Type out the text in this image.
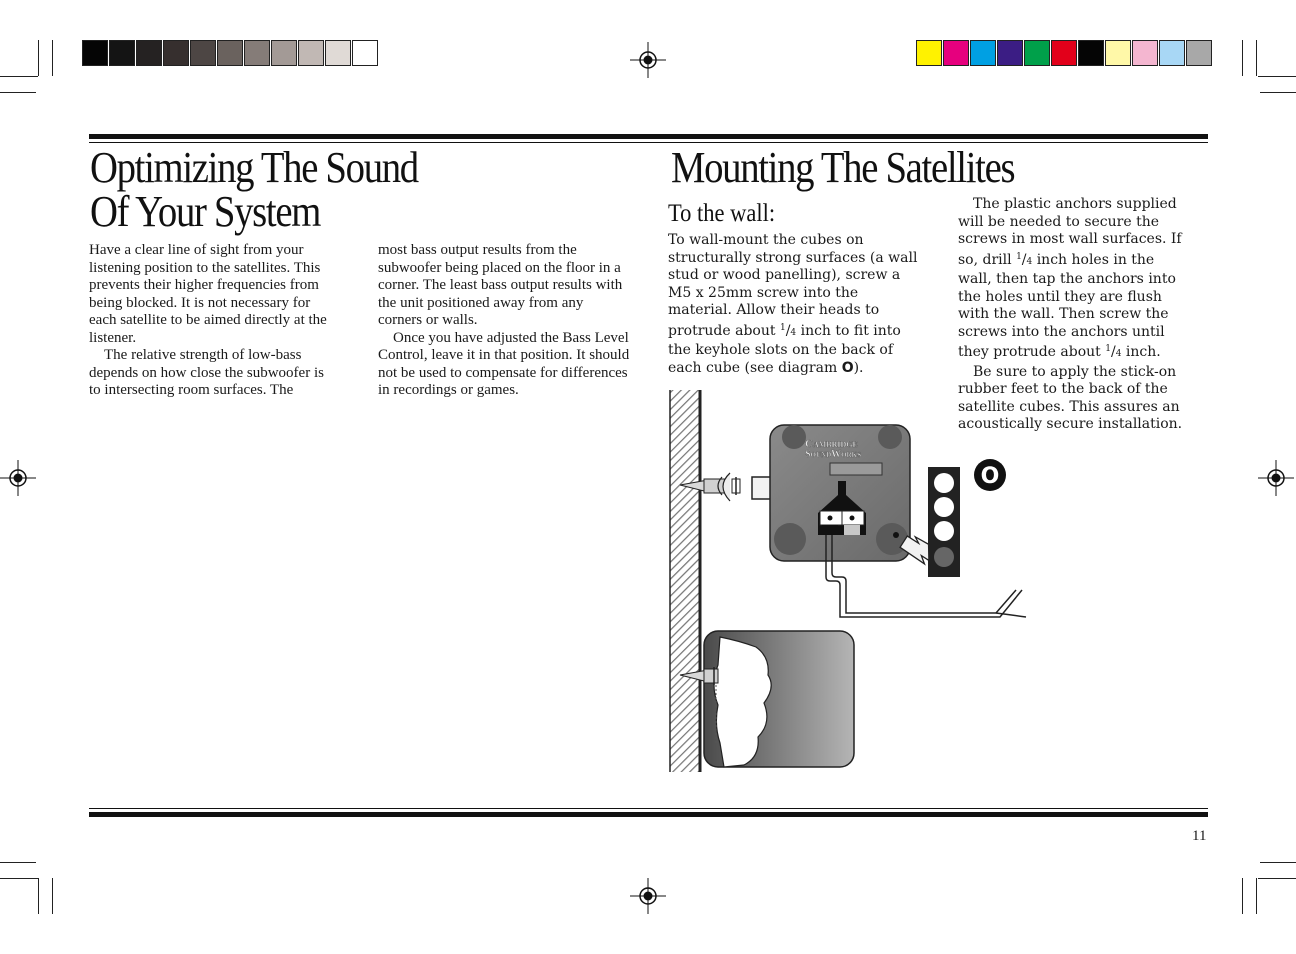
Optimizing The Sound
Of Your System

Have a clear line of sight from your listening position to the satellites. This prevents their higher frequencies from being blocked. It is not necessary for each satellite to be aimed directly at the listener.

The relative strength of low-bass depends on how close the subwoofer is to intersecting room surfaces. The

most bass output results from the subwoofer being placed on the floor in a corner. The least bass output results with the unit positioned away from any corners or walls.

Once you have adjusted the Bass Level Control, leave it in that position. It should not be used to compensate for differences in recordings or games.

Mounting The Satellites
To the wall:

To wall-mount the cubes on structurally strong surfaces (a wall stud or wood panelling), screw a M5 x 25mm screw into the material. Allow their heads to protrude about $^1$/4 inch to fit into the keyhole slots on the back of each cube (see diagram O).

The plastic anchors supplied will be needed to secure the screws in most wall surfaces. If so, drill $^1$/4 inch holes in the wall, then tap the anchors into the holes until they are flush with the wall. Then screw the screws into the anchors until they protrude about $^1$/4 inch.

Be sure to apply the stick-on rubber feet to the back of the satellite cubes. This assures an acoustically secure installation.

Cambridge
SoundWorks
O
11
